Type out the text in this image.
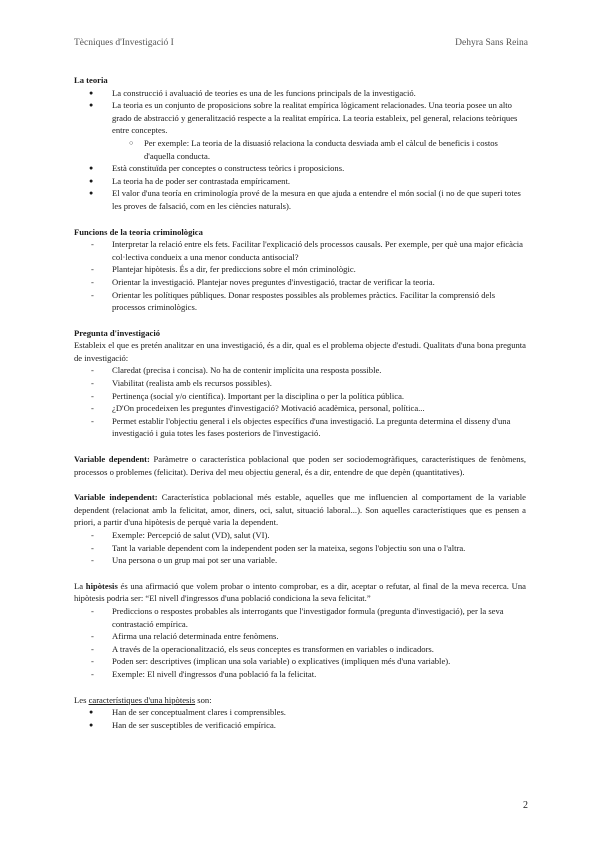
Tècniques d'Investigació I	Dehyra Sans Reina

La teoria

● La construcció i avaluació de teories es una de les funcions principals de la investigació.
● La teoria es un conjunto de proposicions sobre la realitat empírica lògicament relacionades. Una teoria posee un alto grado de abstracció y generalització respecte a la realitat empírica. La teoria estableix, pel general, relacions teòriques entre conceptes.
○ Per exemple: La teoria de la disuasió relaciona la conducta desviada amb el càlcul de beneficis i costos d'aquella conducta.
● Està constituïda per conceptes o constructess teòrics i proposicions.
● La teoria ha de poder ser contrastada empíricament.
● El valor d'una teoría en criminología prové de la mesura en que ajuda a entendre el món social (i no de que superi totes les proves de falsació, com en les ciències naturals).

Funcions de la teoria criminològica

- Interpretar la relació entre els fets. Facilitar l'explicació dels processos causals. Per exemple, per què una major eficàcia col·lectiva condueix a una menor conducta antisocial?
- Plantejar hipòtesis. És a dir, fer prediccions sobre el món criminològic.
- Orientar la investigació. Plantejar noves preguntes d'investigació, tractar de verificar la teoria.
- Orientar les polítiques públiques. Donar respostes possibles als problemes pràctics. Facilitar la comprensió dels processos criminològics.

Pregunta d'investigació

Estableix el que es pretén analitzar en una investigació, és a dir, qual es el problema objecte d'estudi. Qualitats d'una bona pregunta de investigació:

- Claredat (precisa i concisa). No ha de contenir implícita una resposta possible.
- Viabilitat (realista amb els recursos possibles).
- Pertinença (social y/o científica). Important per la disciplina o per la política pública.
- ¿D'On procedeixen les preguntes d'investigació? Motivació acadèmica, personal, política...
- Permet establir l'objectiu general i els objectes específics d'una investigació. La pregunta determina el disseny d'una investigació i guia totes les fases posteriors de l'investigació.

Variable dependent: Paràmetre o característica poblacional que poden ser sociodemogràfiques, característiques de fenòmens, processos o problemes (felicitat). Deriva del meu objectiu general, és a dir, entendre de que depèn (quantitatives).

Variable independent: Característica poblacional més estable, aquelles que me influencien al comportament de la variable dependent (relacionat amb la felicitat, amor, diners, oci, salut, situació laboral...). Son aquelles característiques que es pensen a priori, a partir d'una hipòtesis de perquè varia la dependent.

- Exemple: Percepció de salut (VD), salut (VI).
- Tant la variable dependent com la independent poden ser la mateixa, segons l'objectiu son una o l'altra.
- Una persona o un grup mai pot ser una variable.

La hipòtesis és una afirmació que volem probar o intento comprobar, es a dir, aceptar o refutar, al final de la meva recerca. Una hipòtesis podria ser: “El nivell d'ingressos d'una població condiciona la seva felicitat.”

- Prediccions o respostes probables als interrogants que l'investigador formula (pregunta d'investigació), per la seva contrastació empírica.
- Afirma una relació determinada entre fenòmens.
- A través de la operacionalització, els seus conceptes es transformen en variables o indicadors.
- Poden ser: descriptives (implican una sola variable) o explicatives (impliquen més d'una variable).
- Exemple: El nivell d'ingressos d'una població fa la felicitat.

Les característiques d'una hipòtesis son:

● Han de ser conceptualment clares i comprensibles.
● Han de ser susceptibles de verificació empírica.
2
